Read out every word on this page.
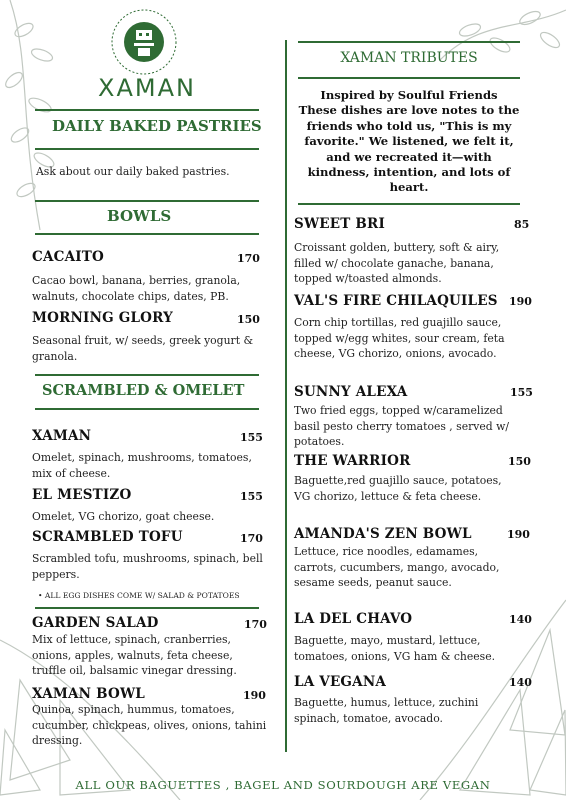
XAMAN
DAILY BAKED PASTRIES
Ask about our daily baked pastries.
BOWLS
CACAITO	170
Cacao bowl, banana, berries, granola, walnuts, chocolate chips, dates, PB.
MORNING GLORY	150
Seasonal fruit, w/ seeds, greek yogurt & granola.
SCRAMBLED & OMELET
XAMAN	155
Omelet, spinach, mushrooms, tomatoes, mix of cheese.
EL MESTIZO	155
Omelet, VG chorizo, goat cheese.
SCRAMBLED TOFU	170
Scrambled tofu, mushrooms, spinach, bell peppers.
• ALL EGG DISHES COME W/ SALAD & POTATOES
GARDEN SALAD	170
Mix of lettuce, spinach, cranberries, onions, apples, walnuts, feta cheese, truffle oil, balsamic vinegar dressing.
XAMAN BOWL	190
Quinoa, spinach, hummus, tomatoes, cucumber, chickpeas, olives, onions, tahini dressing.
XAMAN TRIBUTES
Inspired by Soulful Friends
These dishes are love notes to the friends who told us, "This is my favorite." We listened, we felt it, and we recreated it—with kindness, intention, and lots of heart.
SWEET BRI	85
Croissant golden, buttery, soft & airy, filled w/ chocolate ganache, banana, topped w/toasted almonds.
VAL'S FIRE CHILAQUILES 190
Corn chip tortillas, red guajillo sauce, topped w/egg whites, sour cream, feta cheese, VG chorizo, onions, avocado.
SUNNY ALEXA	155
Two fried eggs, topped w/caramelized basil pesto cherry tomatoes , served w/ potatoes.
THE WARRIOR	150
Baguette,red guajillo sauce, potatoes, VG chorizo, lettuce & feta cheese.
AMANDA'S ZEN BOWL	190
Lettuce, rice noodles, edamames, carrots, cucumbers, mango, avocado, sesame seeds, peanut sauce.
LA DEL CHAVO	140
Baguette, mayo, mustard, lettuce, tomatoes, onions, VG ham & cheese.
LA VEGANA	140
Baguette, humus, lettuce, zuchini spinach, tomatoe, avocado.
ALL OUR BAGUETTES , BAGEL AND SOURDOUGH ARE VEGAN
